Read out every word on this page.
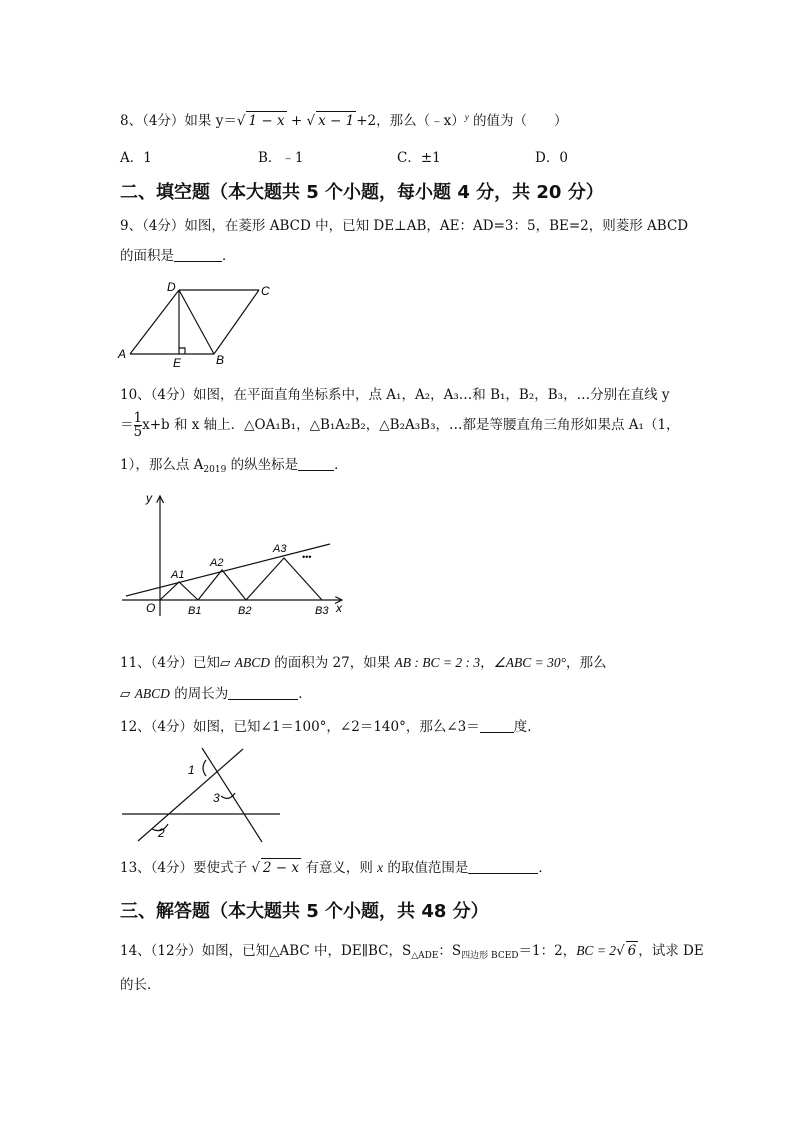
8、（4分）如果 y＝√ 1 − x + √ x − 1 +2，那么（﹣x）$^y$ 的值为（　　）
A．1	B．﹣1	C．±1	D．0
二、填空题（本大题共 5 个小题，每小题 4 分，共 20 分）
9、（4分）如图，在菱形 ABCD 中，已知 DE⊥AB，AE：AD=3：5，BE=2，则菱形 ABCD
的面积是	．
A	B
C
D
E
10、（4分）如图，在平面直角坐标系中，点 A₁，A₂，A₃…和 B₁，B₂，B₃，…分别在直线 y
＝ $\frac{1}{5} x+b$ 和 x 轴上．△OA₁B₁，△B₁A₂B₂，△B₂A₃B₃，…都是等腰直角三角形如果点 A₁（1，
1），那么点 $A_{2019}$ 的纵坐标是	．
y
x
O
A1
A2
A3
B1	B2	B3
•••
11、（4分）已知▱ ABCD 的面积为 27，如果 AB : BC = 2 : 3，∠ABC = 30°，那么
▱ ABCD 的周长为	．
12、（4分）如图，已知∠1＝100°，∠2＝140°，那么∠3＝	度．
1
2
3
13、（4分）要使式子 √ 2 − x 有意义，则 x 的取值范围是	．
三、解答题（本大题共 5 个小题，共 48 分）
14、（12分）如图，已知△ABC 中，DE∥BC，$S_{\triangle ADE}$：$S_{四边形 BCED}=1$：2，BC = 2√ 6 ，试求 DE
的长．
